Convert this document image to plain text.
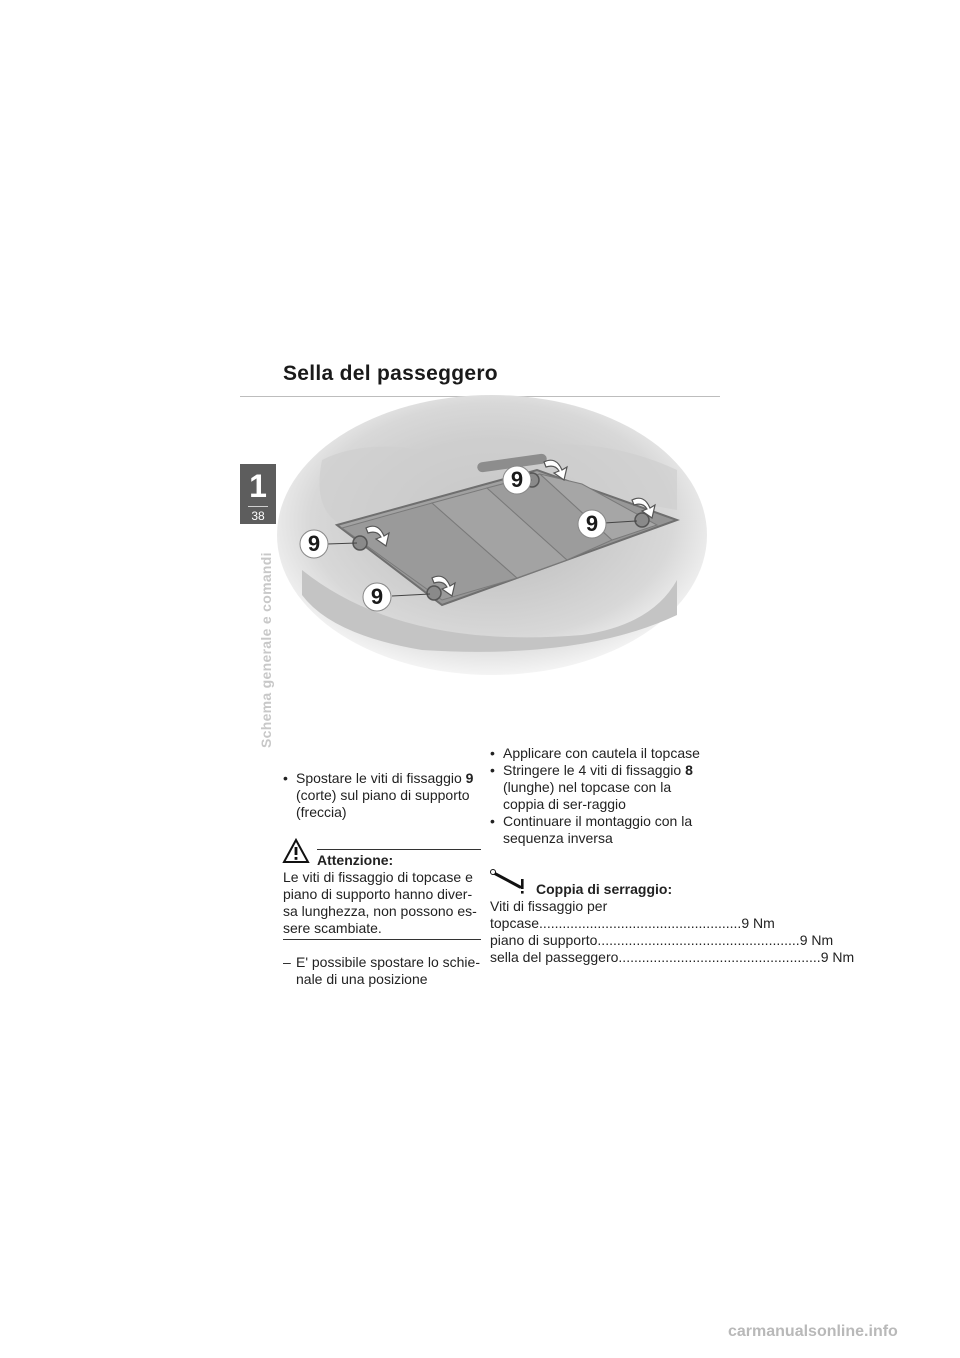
Sella del passeggero
1
38
Schema generale e comandi
9
9
9
9

• Spostare le viti di fissaggio 9 (corte) sul piano di supporto (freccia)

Attenzione:
Le viti di fissaggio di topcase e piano di supporto hanno diver-sa lunghezza, non possono es-sere scambiate.

– E' possibile spostare lo schie-nale di una posizione

• Applicare con cautela il topcase

• Stringere le 4 viti di fissaggio 8 (lunghe) nel topcase con la coppia di ser-raggio

• Continuare il montaggio con la sequenza inversa

Coppia di serraggio:
Viti di fissaggio per
topcase .................................................... 9 Nm
piano di supporto .................................................... 9 Nm
sella del passeggero .................................................... 9 Nm
carmanualsonline.info
